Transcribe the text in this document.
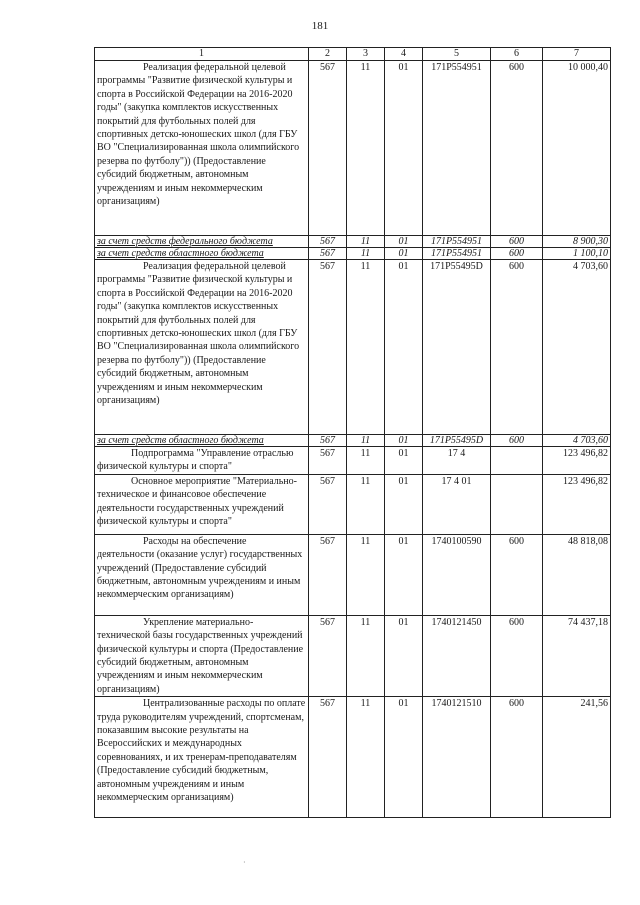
181
1	2	3	4	5	6	7
Реализация федеральной целевой программы "Развитие физической культуры и спорта в Российской Федерации на 2016-2020 годы" (закупка комплектов искусственных покрытий для футбольных полей для спортивных детско-юношеских школ (для ГБУ ВО "Специализированная школа олимпийского резерва по футболу")) (Предоставление субсидий бюджетным, автономным учреждениям и иным некоммерческим организациям)	567	11	01	171P554951	600	10 000,40
за счет средств федерального бюджета	567	11	01	171P554951	600	8 900,30
за счет средств областного бюджета	567	11	01	171P554951	600	1 100,10
Реализация федеральной целевой программы "Развитие физической культуры и спорта в Российской Федерации на 2016-2020 годы" (закупка комплектов искусственных покрытий для футбольных полей для спортивных детско-юношеских школ (для ГБУ ВО "Специализированная школа олимпийского резерва по футболу")) (Предоставление субсидий бюджетным, автономным учреждениям и иным некоммерческим организациям)	567	11	01	171P55495D	600	4 703,60
за счет средств областного бюджета	567	11	01	171P55495D	600	4 703,60
Подпрограмма "Управление отраслью физической культуры и спорта"	567	11	01	17 4		123 496,82
Основное мероприятие "Материально-техническое и финансовое обеспечение деятельности государственных учреждений физической культуры и спорта"	567	11	01	17 4 01		123 496,82
Расходы на обеспечение деятельности (оказание услуг) государственных учреждений (Предоставление субсидий бюджетным, автономным учреждениям и иным некоммерческим организациям)	567	11	01	1740100590	600	48 818,08
Укрепление материально-технической базы государственных учреждений физической культуры и спорта (Предоставление субсидий бюджетным, автономным учреждениям и иным некоммерческим организациям)	567	11	01	1740121450	600	74 437,18
Централизованные расходы по оплате труда руководителям учреждений, спортсменам, показавшим высокие результаты на Всероссийских и международных соревнованиях, и их тренерам-преподавателям (Предоставление субсидий бюджетным, автономным учреждениям и иным некоммерческим организациям)	567	11	01	1740121510	600	241,56
·
